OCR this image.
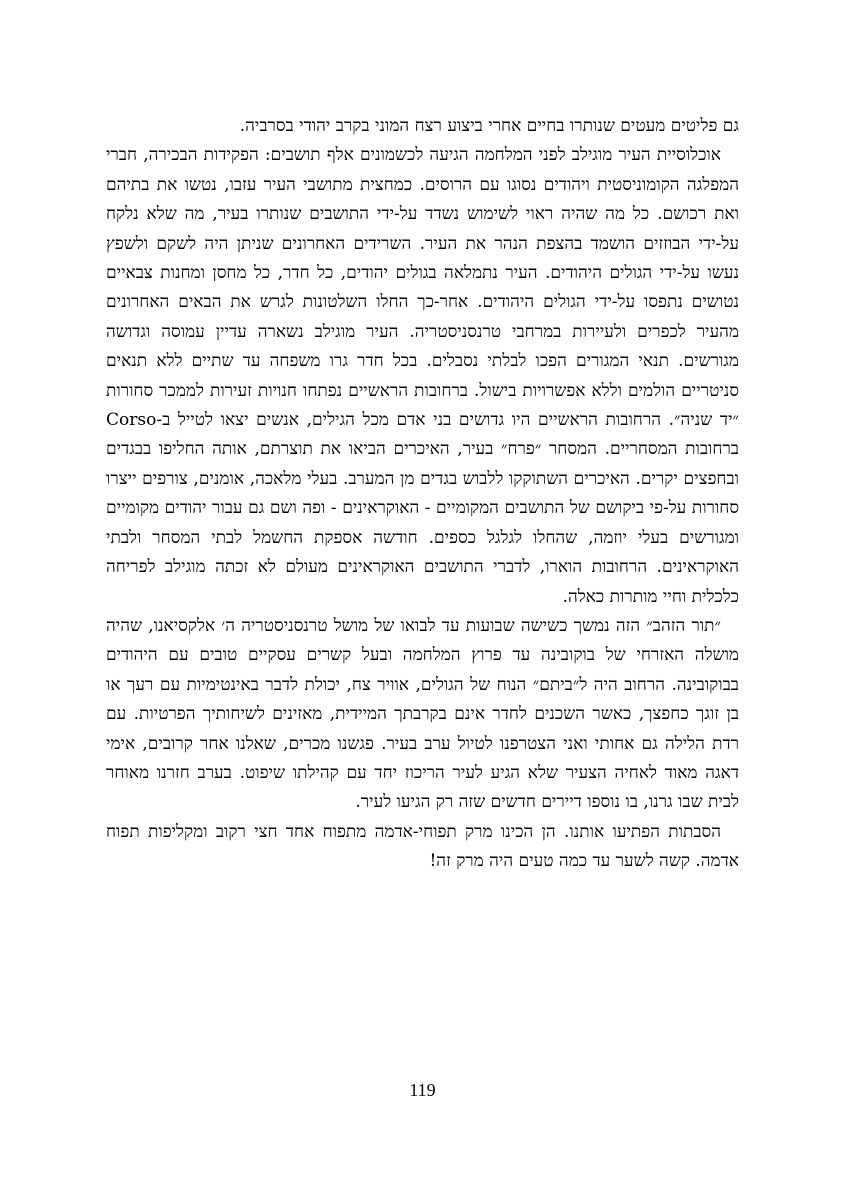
גם פליטים מעטים שנותרו בחיים אחרי ביצוע רצח המוני בקרב יהודי בסרביה.

אוכלוסיית העיר מוגילב לפני המלחמה הגיעה לכשמונים אלף תושבים: הפקידות הבכירה, חברי המפלגה הקומוניסטית ויהודים נסוגו עם הרוסים. כמחצית מתושבי העיר עזבו, נטשו את בתיהם ואת רכושם. כל מה שהיה ראוי לשימוש נשדד על-ידי התושבים שנותרו בעיר, מה שלא נלקח על-ידי הבוזזים הושמד בהצפת הנהר את העיר. השרידים האחרונים שניתן היה לשקם ולשפץ נעשו על-ידי הגולים היהודים. העיר נתמלאה בגולים יהודים, כל חדר, כל מחסן ומחנות צבאיים נטושים נתפסו על-ידי הגולים היהודים. אחר-כך החלו השלטונות לגרש את הבאים האחרונים מהעיר לכפרים ולעיירות במרחבי טרנסניסטריה. העיר מוגילב נשארה עדיין עמוסה וגדושה מגורשים. תנאי המגורים הפכו לבלתי נסבלים. בכל חדר גרו משפחה עד שתיים ללא תנאים סניטריים הולמים וללא אפשרויות בישול. ברחובות הראשיים נפתחו חנויות זעירות לממכר סחורות ״יד שניה״. הרחובות הראשיים היו גדושים בני אדם מכל הגילים, אנשים יצאו לטייל ב-Corso ברחובות המסחריים. המסחר ״פרח״ בעיר, האיכרים הביאו את תוצרתם, אותה החליפו בבגדים ובחפצים יקרים. האיכרים השתוקקו ללבוש בגדים מן המערב. בעלי מלאכה, אומנים, צורפים ייצרו סחורות על-פי ביקושם של התושבים המקומיים - האוקראינים - ופה ושם גם עבור יהודים מקומיים ומגורשים בעלי יוזמה, שהחלו לגלגל כספים. חודשה אספקת החשמל לבתי המסחר ולבתי האוקראינים. הרחובות הוארו, לדברי התושבים האוקראינים מעולם לא זכתה מוגילב לפריחה כלכלית וחיי מותרות כאלה.

״תור הזהב״ הזה נמשך כשישה שבועות עד לבואו של מושל טרנסניסטריה ה׳ אלקסיאנו, שהיה מושלה האזרחי של בוקובינה עד פרוץ המלחמה ובעל קשרים עסקיים טובים עם היהודים בבוקובינה. הרחוב היה ל״ביתם״ הנוח של הגולים, אוויר צח, יכולת לדבר באינטימיות עם רעך או בן זוגך כחפצך, כאשר השכנים לחדר אינם בקרבתך המיידית, מאזינים לשיחותיך הפרטיות. עם רדת הלילה גם אחותי ואני הצטרפנו לטיול ערב בעיר. פגשנו מכרים, שאלנו אחר קרובים, אימי דאגה מאוד לאחיה הצעיר שלא הגיע לעיר הריכוז יחד עם קהילתו שיפוט. בערב חזרנו מאוחר לבית שבו גרנו, בו נוספו דיירים חדשים שזה רק הגיעו לעיר.

הסבתות הפתיעו אותנו. הן הכינו מרק תפוחי-אדמה מתפוח אחד חצי רקוב ומקליפות תפוח אדמה. קשה לשער עד כמה טעים היה מרק זה!

119
